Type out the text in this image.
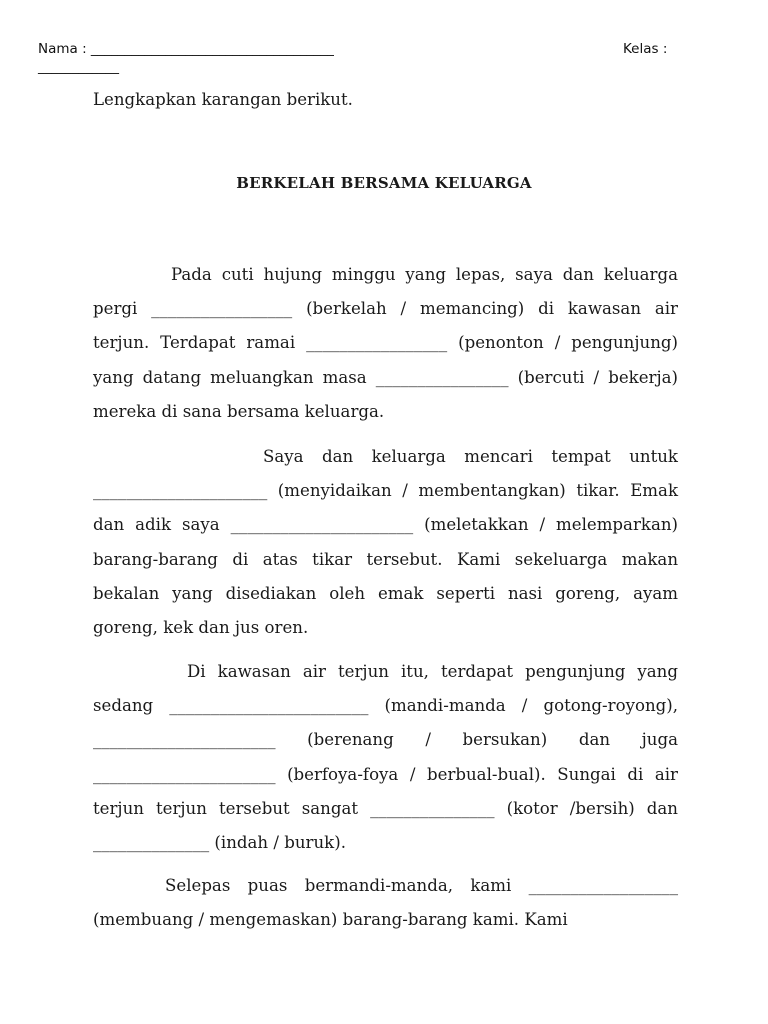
Nama : ____________________________________	Kelas :
____________
Lengkapkan karangan berikut.
BERKELAH BERSAMA KELUARGA

Pada cuti hujung minggu yang lepas, saya dan keluarga pergi _________________ (berkelah / memancing) di kawasan air terjun. Terdapat ramai _________________ (penonton / pengunjung) yang datang meluangkan masa ________________ (bercuti / bekerja) mereka di sana bersama keluarga.

Saya dan keluarga mencari tempat untuk _____________________ (menyidaikan / membentangkan) tikar. Emak dan adik saya ______________________ (meletakkan / melemparkan) barang-barang di atas tikar tersebut. Kami sekeluarga makan bekalan yang disediakan oleh emak seperti nasi goreng, ayam goreng, kek dan jus oren.

Di kawasan air terjun itu, terdapat pengunjung yang sedang ________________________ (mandi-manda / gotong-royong), ______________________ (berenang / bersukan) dan juga ______________________ (berfoya-foya / berbual-bual). Sungai di air terjun terjun tersebut sangat _______________ (kotor /bersih) dan ______________ (indah / buruk).

Selepas puas bermandi-manda, kami __________________ (membuang / mengemaskan) barang-barang kami. Kami
